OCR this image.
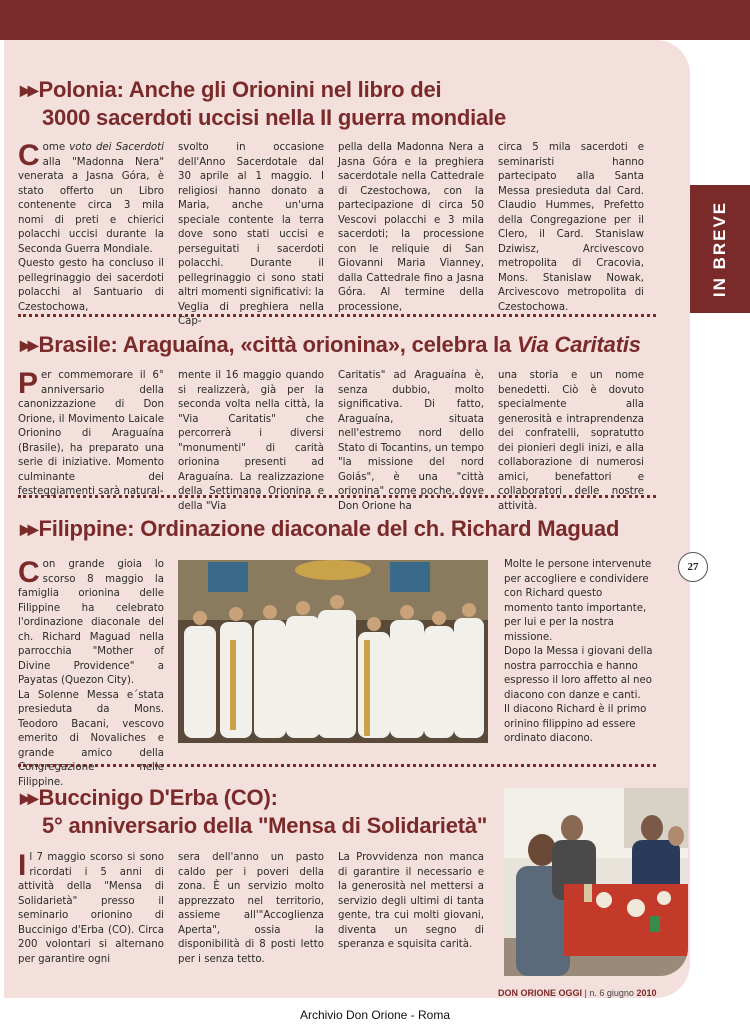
IN BREVE
27
▶▶ Polonia: Anche gli Orionini nel libro dei
3000 sacerdoti uccisi nella II guerra mondiale

Come voto dei Sacerdoti alla "Madonna Nera" venerata a Jasna Góra, è stato offerto un Libro contenente circa 3 mila nomi di preti e chierici polacchi uccisi durante la Seconda Guerra Mondiale.
Questo gesto ha concluso il pellegrinaggio dei sacerdoti polacchi al Santuario di Czestochowa,

svolto in occasione dell'Anno Sacerdotale dal 30 aprile al 1 maggio. I religiosi hanno donato a Maria, anche un'urna speciale contente la terra dove sono stati uccisi e perseguitati i sacerdoti polacchi. Durante il pellegrinaggio ci sono stati altri momenti significativi: la Veglia di preghiera nella Cap-

pella della Madonna Nera a Jasna Góra e la preghiera sacerdotale nella Cattedrale di Czestochowa, con la partecipazione di circa 50 Vescovi polacchi e 3 mila sacerdoti; la processione con le reliquie di San Giovanni Maria Vianney, dalla Cattedrale fino a Jasna Góra. Al termine della processione,

circa 5 mila sacerdoti e seminaristi hanno partecipato alla Santa Messa presieduta dal Card. Claudio Hummes, Prefetto della Congregazione per il Clero, il Card. Stanislaw Dziwisz, Arcivescovo metropolita di Cracovia, Mons. Stanislaw Nowak, Arcivescovo metropolita di Czestochowa.

▶▶ Brasile: Araguaína, «città orionina», celebra la Via Caritatis

Per commemorare il 6° anniversario della canonizzazione di Don Orione, il Movimento Laicale Orionino di Araguaína (Brasile), ha preparato una serie di iniziative. Momento culminante dei festeggiamenti sarà natural-

mente il 16 maggio quando si realizzerà, già per la seconda volta nella città, la "Via Caritatis" che percorrerà i diversi "monumenti" di carità orionina presenti ad Araguaína. La realizzazione della Settimana Orionina e della "Via

Caritatis" ad Araguaína è, senza dubbio, molto significativa. Di fatto, Araguaína, situata nell'estremo nord dello Stato di Tocantins, un tempo "la missione del nord Goiás", è una "città orionina" come poche, dove Don Orione ha

una storia e un nome benedetti. Ciò è dovuto specialmente alla generosità e intraprendenza dei confratelli, sopratutto dei pionieri degli inizi, e alla collaborazione di numerosi amici, benefattori e collaboratori delle nostre attività.

▶▶ Filippine: Ordinazione diaconale del ch. Richard Maguad

Con grande gioia lo scorso 8 maggio la famiglia orionina delle Filippine ha celebrato l'ordinazione diaconale del ch. Richard Maguad nella parrocchia "Mother of Divine Providence" a Payatas (Quezon City).
La Solenne Messa e´stata presieduta da Mons. Teodoro Bacani, vescovo emerito di Novaliches e grande amico della Congregazione nelle Filippine.

Molte le persone intervenute per accogliere e condividere con Richard questo momento tanto importante, per lui e per la nostra missione.
Dopo la Messa i giovani della nostra parrocchia e hanno espresso il loro affetto al neo diacono con danze e canti.
Il diacono Richard è il primo orinino filippino ad essere ordinato diacono.

▶▶ Buccinigo D'Erba (CO):
5° anniversario della "Mensa di Solidarietà"

Il 7 maggio scorso si sono ricordati i 5 anni di attività della "Mensa di Solidarietà" presso il seminario orionino di Buccinigo d'Erba (CO). Circa 200 volontari si alternano per garantire ogni

sera dell'anno un pasto caldo per i poveri della zona. È un servizio molto apprezzato nel territorio, assieme all'"Accoglienza Aperta", ossia la disponibilità di 8 posti letto per i senza tetto.

La Provvidenza non manca di garantire il necessario e la generosità nel mettersi a servizio degli ultimi di tanta gente, tra cui molti giovani, diventa un segno di speranza e squisita carità.

DON ORIONE OGGI | n. 6 giugno 2010
Archivio Don Orione - Roma
